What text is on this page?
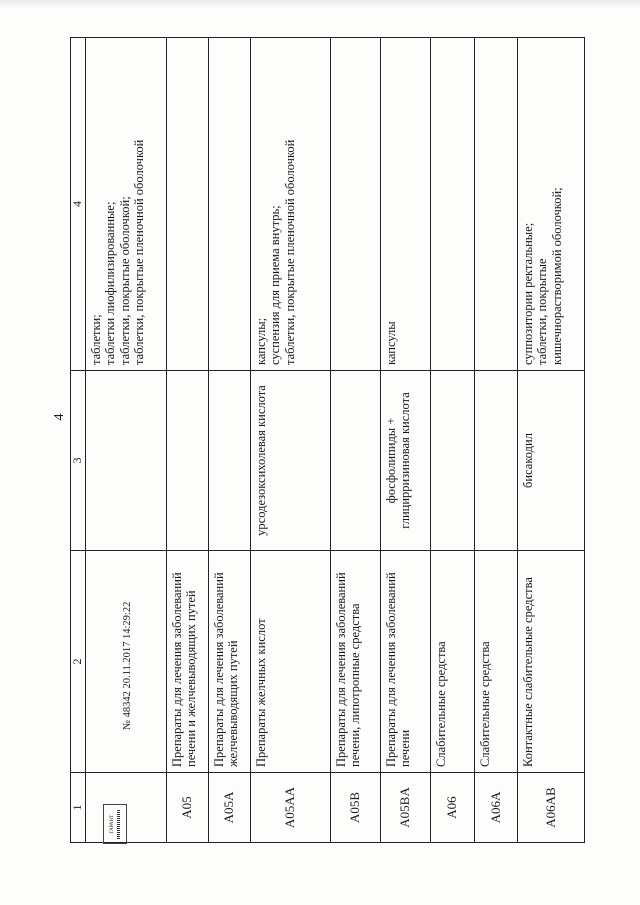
4
1	2	3	4

			таблетки; таблетки лиофилизированные; таблетки, покрытые оболочкой; таблетки, покрытые пленочной оболочкой

A05	Препараты для лечения заболеваний печени и желчевыводящих путей		
A05A	Препараты для лечения заболеваний желчевыводящих путей		
A05AA	Препараты желчных кислот	урсодезоксихолевая кислота	капсулы; суспензия для приема внутрь; таблетки, покрытые пленочной оболочкой

A05B	Препараты для лечения заболеваний печени, липотропные средства		
A05BA	Препараты для лечения заболеваний печени	фосфолипиды + глицирризиновая кислота	капсулы

A06	Слабительные средства		
A06A	Слабительные средства		
A06AB	Контактные слабительные средства	бисакодил	суппозитории ректальные; таблетки, покрытые кишечнорастворимой оболочкой;
№ 48342 20.11.2017 14:29:22
ГАРАНТ
